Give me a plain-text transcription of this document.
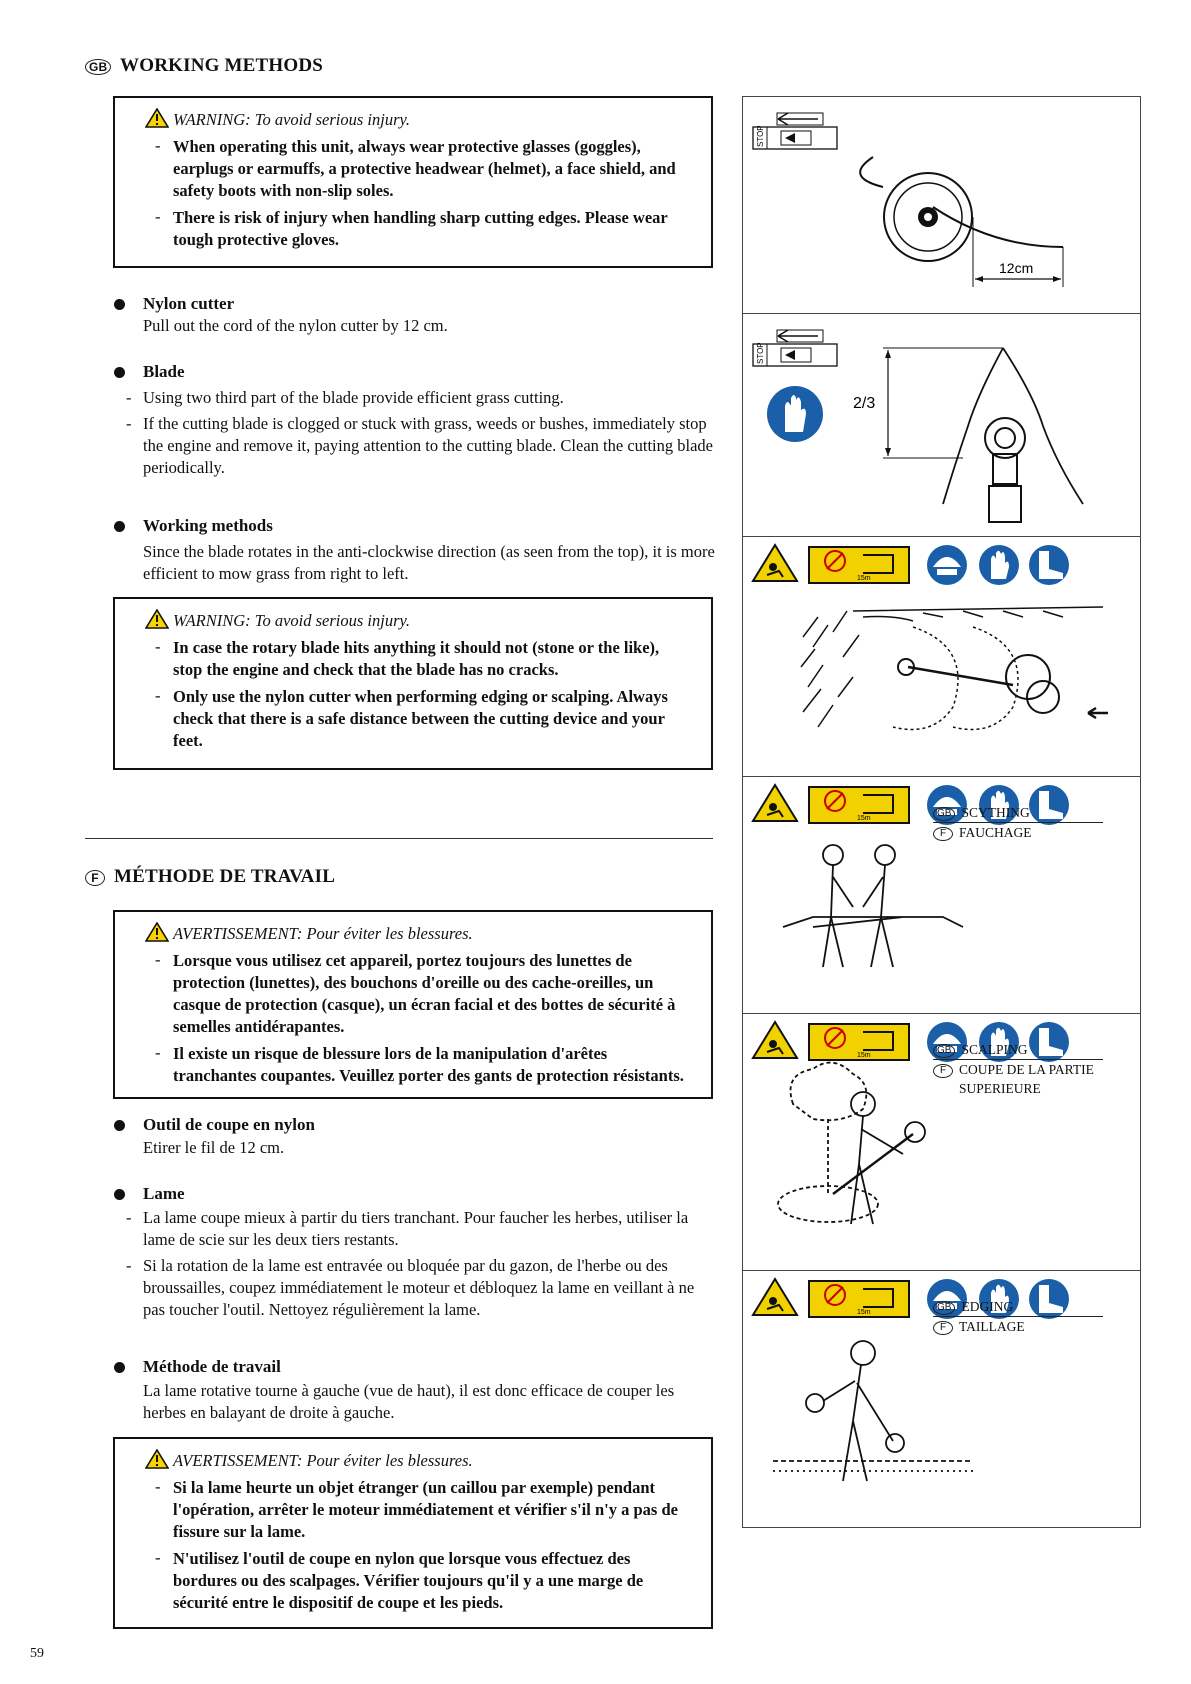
GB WORKING METHODS
WARNING: To avoid serious injury.
- When operating this unit, always wear protective glasses (goggles), earplugs or earmuffs, a protective headwear (helmet), a face shield, and safety boots with non-slip soles.
- There is risk of injury when handling sharp cutting edges. Please wear tough protective gloves.
Nylon cutter
Pull out the cord of the nylon cutter by 12 cm.
Blade
- Using two third part of the blade provide efficient grass cutting.
- If the cutting blade is clogged or stuck with grass, weeds or bushes, immediately stop the engine and remove it, paying attention to the cutting blade. Clean the cutting blade periodically.
Working methods
Since the blade rotates in the anti-clockwise direction (as seen from the top), it is more efficient to mow grass from right to left.
WARNING: To avoid serious injury.
- In case the rotary blade hits anything it should not (stone or the like), stop the engine and check that the blade has no cracks.
- Only use the nylon cutter when performing edging or scalping. Always check that there is a safe distance between the cutting device and your feet.
F MÉTHODE DE TRAVAIL
AVERTISSEMENT: Pour éviter les blessures.
- Lorsque vous utilisez cet appareil, portez toujours des lunettes de protection (lunettes), des bouchons d'oreille ou des cache-oreilles, un casque de protection (casque), un écran facial et des bottes de sécurité à semelles antidérapantes.
- Il existe un risque de blessure lors de la manipulation d'arêtes tranchantes coupantes. Veuillez porter des gants de protection résistants.
Outil de coupe en nylon
Etirer le fil de 12 cm.
Lame
- La lame coupe mieux à partir du tiers tranchant. Pour faucher les herbes, utiliser la lame de scie sur les deux tiers restants.
- Si la rotation de la lame est entravée ou bloquée par du gazon, de l'herbe ou des broussailles, coupez immédiatement le moteur et débloquez la lame en veillant à ne pas toucher l'outil. Nettoyez régulièrement la lame.
Méthode de travail
La lame rotative tourne à gauche (vue de haut), il est donc efficace de couper les herbes en balayant de droite à gauche.
AVERTISSEMENT: Pour éviter les blessures.
- Si la lame heurte un objet étranger (un caillou par exemple) pendant l'opération, arrêter le moteur immédiatement et vérifier s'il n'y a pas de fissure sur la lame.
- N'utilisez l'outil de coupe en nylon que lorsque vous effectuez des bordures ou des scalpages. Vérifier toujours qu'il y a une marge de sécurité entre le dispositif de coupe et les pieds.
59
STOP
12cm
STOP
2/3
15m
15m	GB SCYTHING
F FAUCHAGE
15m	GB SCALPING
F COUPE DE LA PARTIE
SUPERIEURE
15m	GB EDGING
F TAILLAGE
